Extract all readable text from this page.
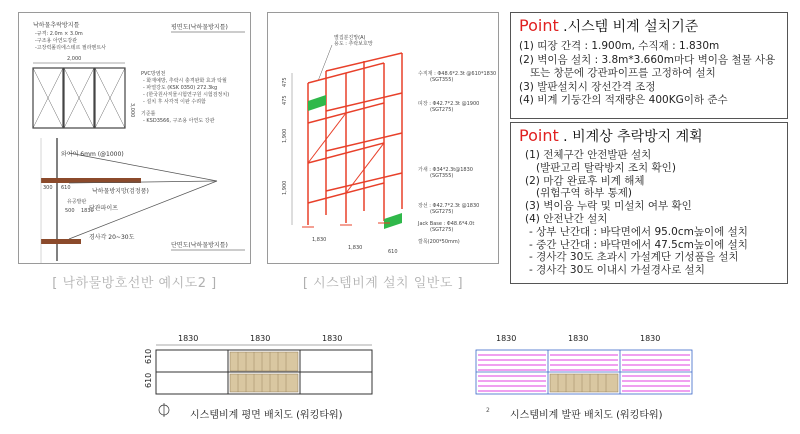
낙하물추락방지틀
-규격: 2.0m × 3.0m
-구조용 아연도강관
-고장력폴리에스테르 필라멘트사
평면도(낙하물방지틀)
2,000
3,000
PVC방염천
- 화재예방, 추락시 충격완화 효과 탁월
- 파열강도 (KSK 0350) 272.3kg
- (한국원사직물시험연구원 시험검정치)
- 설치 후 사각적 이완 수려함
기준틀
- KSD3566, 구조용 아연도 강관
와이어 6mm (@1000)
낙하물방지망(검정품)
단관파이프
유공발판
300 610
500 1830
경사각 20~30도
단면도(낙하물방지틀)
[ 낙하물방호선반 예시도2 ]
별집분진망(A)
용도 : 추락보호망
수직재 : Φ48.6*2.3t @610*1830
(SGT355)
띠장 : Φ42.7*2.3t @1900
(SGT275)
가새 : Φ34*2.3t@1830
(SGT355)
장선 : Φ42.7*2.3t @1830
(SGT275)
Jack Base : Φ48.6*4.0t
(SGT275)
깔목(200*50mm)
475
475
1,900
1,900
1,830
1,830
610
[ 시스템비계 설치 일반도 ]

Point .시스템 비계 설치기준

(1) 띠장 간격 : 1.900m, 수직재 : 1.830m
(2) 벽이음 설치 : 3.8m*3.660m마다 벽이음 철물 사용
또는 창문에 강관파이프를 고정하여 설치
(3) 발판설치시 장선간격 조정
(4) 비계 기둥간의 적재량은 400KG이하 준수

Point . 비계상 추락방지 계획

(1) 전체구간 안전발판 설치
(발판고리 탈락방지 조치 확인)
(2) 마감 완료후 비계 해체
(위험구역 하부 통제)
(3) 벽이음 누락 및 미설치 여부 확인
(4) 안전난간 설치
- 상부 난간대 : 바닥면에서 95.0cm높이에 설치
- 중간 난간대 : 바닥면에서 47.5cm높이에 설치
- 경사각 30도 초과시 가설계단 기성품을 설치
- 경사각 30도 이내시 가설경사로 설치
1830	1830	1830
610
610
시스템비계 평면 배치도 (워킹타워)
1830	1830	1830
2 시스템비계 발판 배치도 (워킹타워)
